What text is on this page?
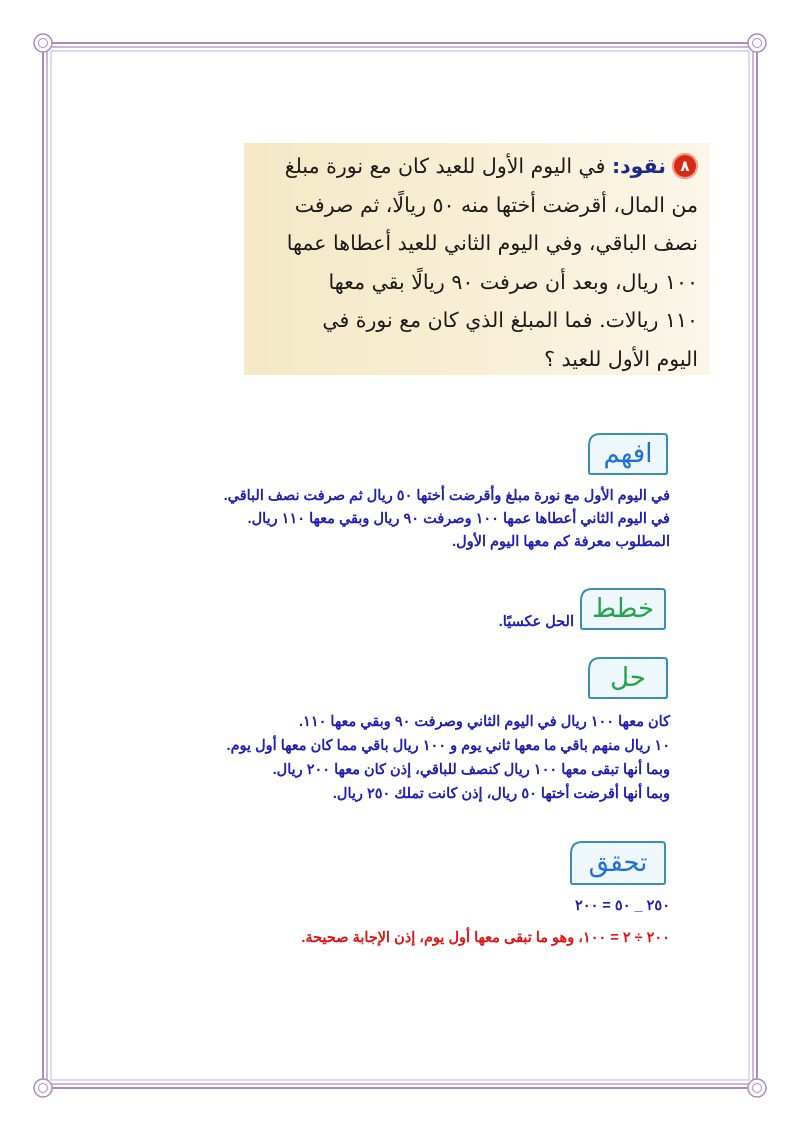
٨نقود: في اليوم الأول للعيد كان مع نورة مبلغ
من المال، أقرضت أختها منه ٥٠ ريالًا، ثم صرفت
نصف الباقي، وفي اليوم الثاني للعيد أعطاها عمها
١٠٠ ريال، وبعد أن صرفت ٩٠ ريالًا بقي معها
١١٠ ريالات. فما المبلغ الذي كان مع نورة في
اليوم الأول للعيد ؟
افهم
في اليوم الأول مع نورة مبلغ وأقرضت أختها ٥٠ ريال ثم صرفت نصف الباقي.
في اليوم الثاني أعطاها عمها ١٠٠ وصرفت ٩٠ ريال وبقي معها ١١٠ ريال.
المطلوب معرفة كم معها اليوم الأول.
خطط
الحل عكسيًا.
حل
كان معها ١٠٠ ريال في اليوم الثاني وصرفت ٩٠ وبقي معها ١١٠.
١٠ ريال منهم باقي ما معها ثاني يوم و ١٠٠ ريال باقي مما كان معها أول يوم.
وبما أنها تبقى معها ١٠٠ ريال كنصف للباقي، إذن كان معها ٢٠٠ ريال.
وبما أنها أقرضت أختها ٥٠ ريال، إذن كانت تملك ٢٥٠ ريال.
تحقق
٢٥٠ _ ٥٠ = ٢٠٠
٢٠٠ ÷ ٢ = ١٠٠، وهو ما تبقى معها أول يوم، إذن الإجابة صحيحة.
